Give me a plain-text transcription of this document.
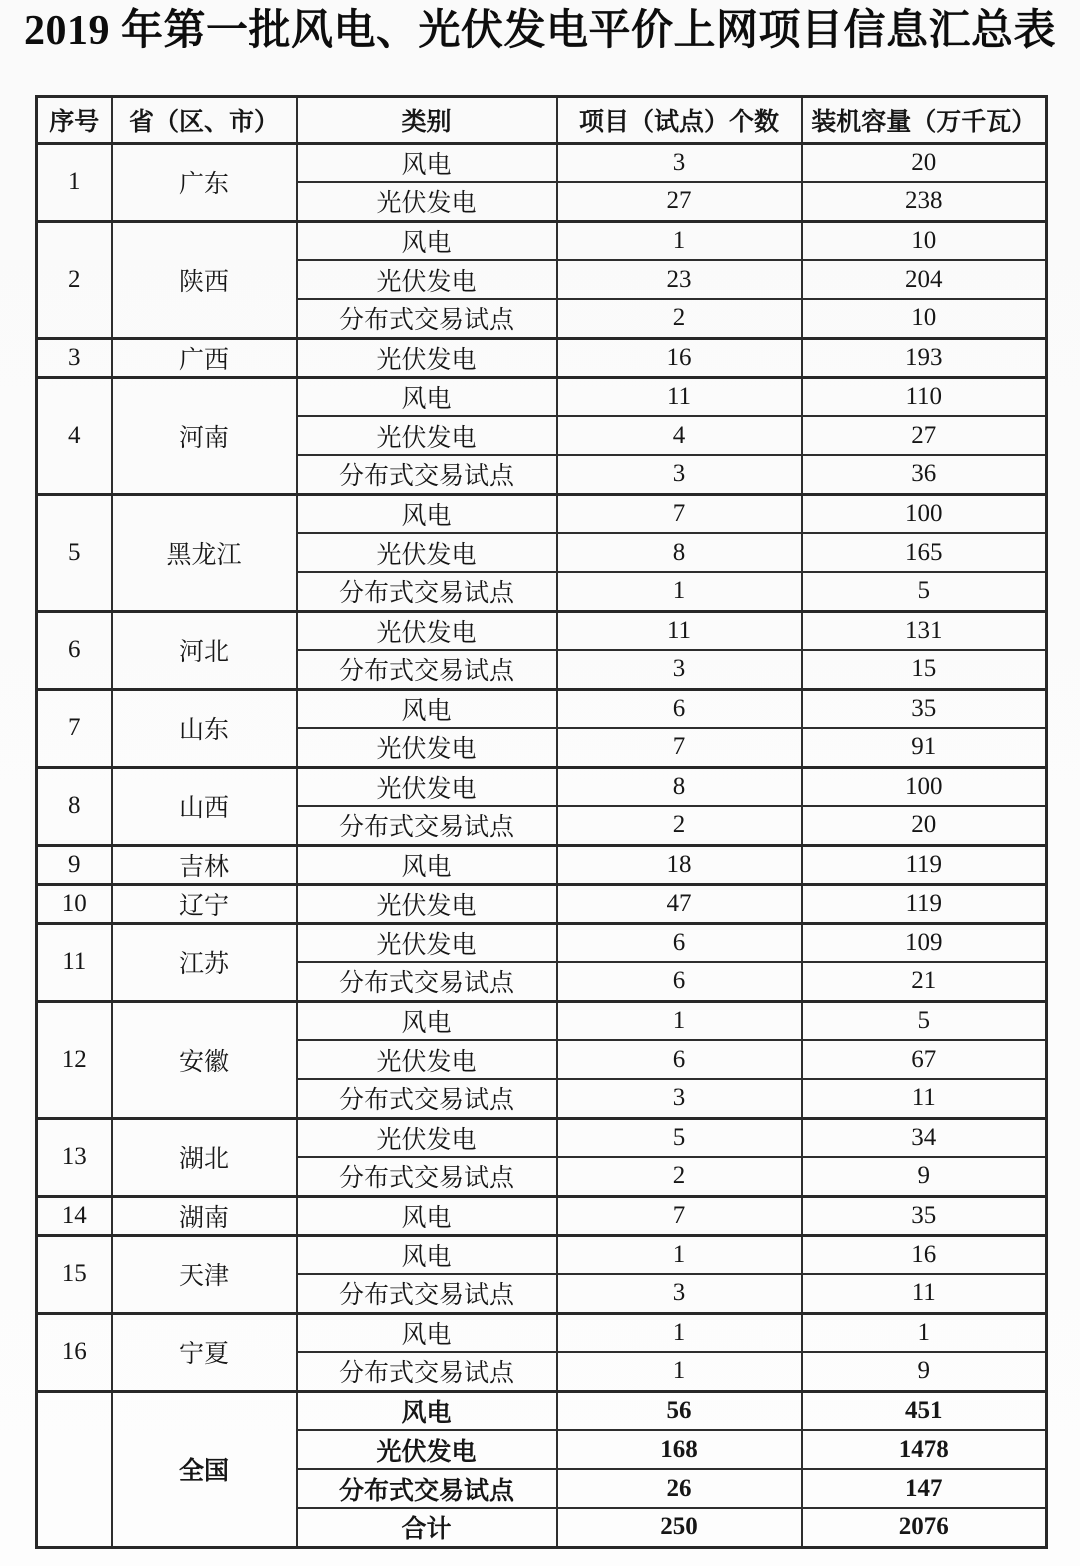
2019 年第一批风电、光伏发电平价上网项目信息汇总表
序号	省（区、市）	类别	项目（试点）个数	装机容量（万千瓦）
1	广东	风电	3	20
		光伏发电	27	238
2	陕西	风电	1	10
		光伏发电	23	204
		分布式交易试点	2	10
3	广西	光伏发电	16	193
4	河南	风电	11	110
		光伏发电	4	27
		分布式交易试点	3	36
5	黑龙江	风电	7	100
		光伏发电	8	165
		分布式交易试点	1	5
6	河北	光伏发电	11	131
		分布式交易试点	3	15
7	山东	风电	6	35
		光伏发电	7	91
8	山西	光伏发电	8	100
		分布式交易试点	2	20
9	吉林	风电	18	119
10	辽宁	光伏发电	47	119
11	江苏	光伏发电	6	109
		分布式交易试点	6	21
12	安徽	风电	1	5
		光伏发电	6	67
		分布式交易试点	3	11
13	湖北	光伏发电	5	34
		分布式交易试点	2	9
14	湖南	风电	7	35
15	天津	风电	1	16
		分布式交易试点	3	11
16	宁夏	风电	1	1
		分布式交易试点	1	9
	全国	风电	56	451
		光伏发电	168	1478
		分布式交易试点	26	147
		合计	250	2076
